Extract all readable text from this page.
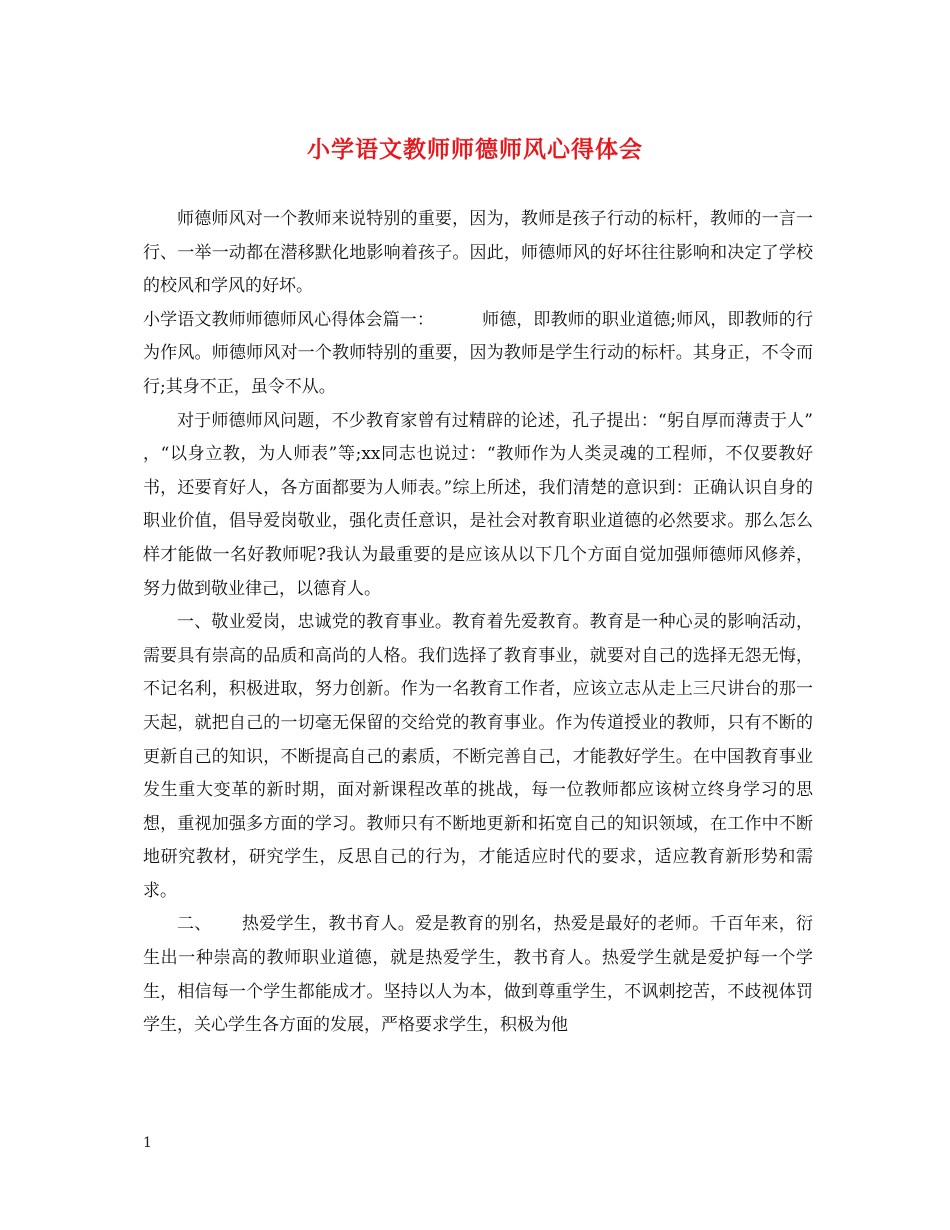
小学语文教师师德师风心得体会

师德师风对一个教师来说特别的重要，因为，教师是孩子行动的标杆，教师的一言一行、一举一动都在潜移默化地影响着孩子。因此，师德师风的好坏往往影响和决定了学校的校风和学风的好坏。

小学语文教师师德师风心得体会篇一：	师德，即教师的职业道德;师风，即教师的行为作风。师德师风对一个教师特别的重要，因为教师是学生行动的标杆。其身正，不令而行;其身不正，虽令不从。

对于师德师风问题，不少教育家曾有过精辟的论述，孔子提出：“躬自厚而薄责于人” ，“以身立教，为人师表”等;xx同志也说过：“教师作为人类灵魂的工程师，不仅要教好书，还要育好人，各方面都要为人师表。”综上所述，我们清楚的意识到：正确认识自身的职业价值，倡导爱岗敬业，强化责任意识，是社会对教育职业道德的必然要求。那么怎么样才能做一名好教师呢?我认为最重要的是应该从以下几个方面自觉加强师德师风修养，努力做到敬业律己，以德育人。

一、敬业爱岗，忠诚党的教育事业。教育着先爱教育。教育是一种心灵的影响活动，需要具有崇高的品质和高尚的人格。我们选择了教育事业，就要对自己的选择无怨无悔，不记名利，积极进取，努力创新。作为一名教育工作者，应该立志从走上三尺讲台的那一天起，就把自己的一切毫无保留的交给党的教育事业。作为传道授业的教师，只有不断的更新自己的知识，不断提高自己的素质，不断完善自己，才能教好学生。在中国教育事业发生重大变革的新时期，面对新课程改革的挑战，每一位教师都应该树立终身学习的思想，重视加强多方面的学习。教师只有不断地更新和拓宽自己的知识领域，在工作中不断地研究教材，研究学生，反思自己的行为，才能适应时代的要求，适应教育新形势和需求。

二、 热爱学生，教书育人。爱是教育的别名，热爱是最好的老师。千百年来，衍生出一种崇高的教师职业道德，就是热爱学生，教书育人。热爱学生就是爱护每一个学生，相信每一个学生都能成才。坚持以人为本，做到尊重学生，不讽刺挖苦，不歧视体罚学生，关心学生各方面的发展，严格要求学生，积极为他

1
